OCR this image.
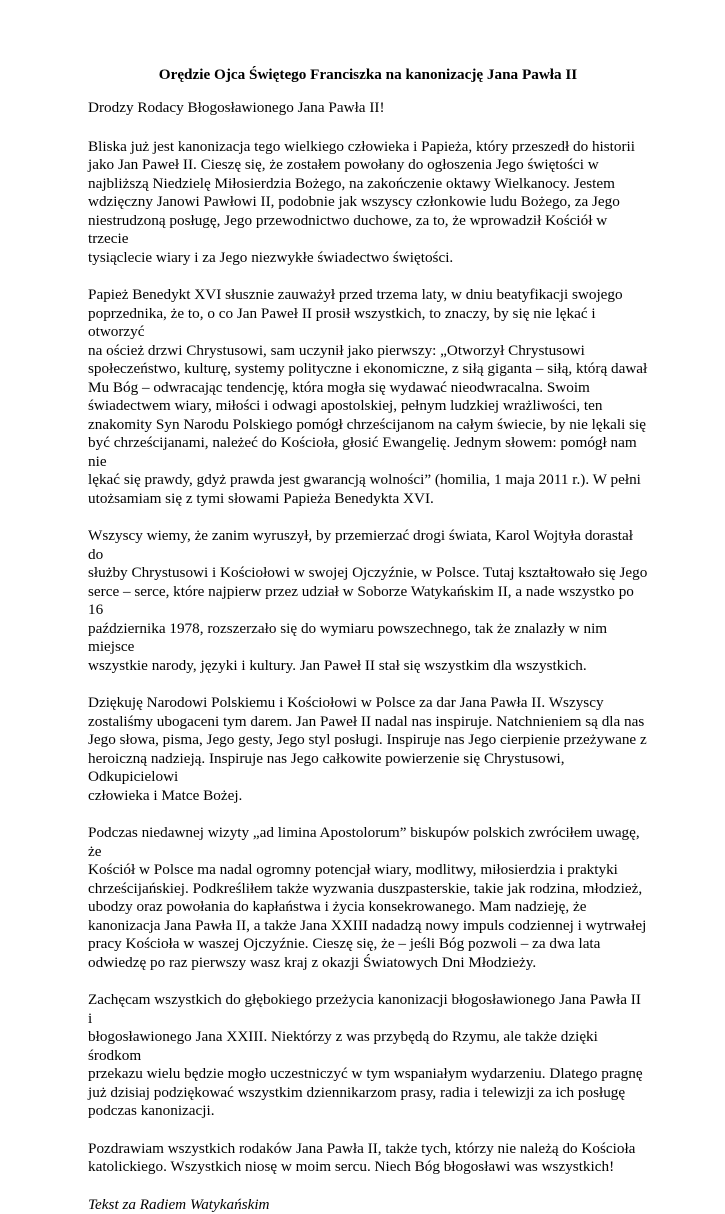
Orędzie Ojca Świętego Franciszka na kanonizację Jana Pawła II

Drodzy Rodacy Błogosławionego Jana Pawła II!

Bliska już jest kanonizacja tego wielkiego człowieka i Papieża, który przeszedł do historii
jako Jan Paweł II. Cieszę się, że zostałem powołany do ogłoszenia Jego świętości w
najbliższą Niedzielę Miłosierdzia Bożego, na zakończenie oktawy Wielkanocy. Jestem
wdzięczny Janowi Pawłowi II, podobnie jak wszyscy członkowie ludu Bożego, za Jego
niestrudzoną posługę, Jego przewodnictwo duchowe, za to, że wprowadził Kościół w trzecie
tysiąclecie wiary i za Jego niezwykłe świadectwo świętości.

Papież Benedykt XVI słusznie zauważył przed trzema laty, w dniu beatyfikacji swojego
poprzednika, że to, o co Jan Paweł II prosił wszystkich, to znaczy, by się nie lękać i otworzyć
na oścież drzwi Chrystusowi, sam uczynił jako pierwszy: „Otworzył Chrystusowi
społeczeństwo, kulturę, systemy polityczne i ekonomiczne, z siłą giganta – siłą, którą dawał
Mu Bóg – odwracając tendencję, która mogła się wydawać nieodwracalna. Swoim
świadectwem wiary, miłości i odwagi apostolskiej, pełnym ludzkiej wrażliwości, ten
znakomity Syn Narodu Polskiego pomógł chrześcijanom na całym świecie, by nie lękali się
być chrześcijanami, należeć do Kościoła, głosić Ewangelię. Jednym słowem: pomógł nam nie
lękać się prawdy, gdyż prawda jest gwarancją wolności” (homilia, 1 maja 2011 r.). W pełni
utożsamiam się z tymi słowami Papieża Benedykta XVI.

Wszyscy wiemy, że zanim wyruszył, by przemierzać drogi świata, Karol Wojtyła dorastał do
służby Chrystusowi i Kościołowi w swojej Ojczyźnie, w Polsce. Tutaj kształtowało się Jego
serce – serce, które najpierw przez udział w Soborze Watykańskim II, a nade wszystko po 16
października 1978, rozszerzało się do wymiaru powszechnego, tak że znalazły w nim miejsce
wszystkie narody, języki i kultury. Jan Paweł II stał się wszystkim dla wszystkich.

Dziękuję Narodowi Polskiemu i Kościołowi w Polsce za dar Jana Pawła II. Wszyscy
zostaliśmy ubogaceni tym darem. Jan Paweł II nadal nas inspiruje. Natchnieniem są dla nas
Jego słowa, pisma, Jego gesty, Jego styl posługi. Inspiruje nas Jego cierpienie przeżywane z
heroiczną nadzieją. Inspiruje nas Jego całkowite powierzenie się Chrystusowi, Odkupicielowi
człowieka i Matce Bożej.

Podczas niedawnej wizyty „ad limina Apostolorum” biskupów polskich zwróciłem uwagę, że
Kościół w Polsce ma nadal ogromny potencjał wiary, modlitwy, miłosierdzia i praktyki
chrześcijańskiej. Podkreśliłem także wyzwania duszpasterskie, takie jak rodzina, młodzież,
ubodzy oraz powołania do kapłaństwa i życia konsekrowanego. Mam nadzieję, że
kanonizacja Jana Pawła II, a także Jana XXIII nadadzą nowy impuls codziennej i wytrwałej
pracy Kościoła w waszej Ojczyźnie. Cieszę się, że – jeśli Bóg pozwoli – za dwa lata
odwiedzę po raz pierwszy wasz kraj z okazji Światowych Dni Młodzieży.

Zachęcam wszystkich do głębokiego przeżycia kanonizacji błogosławionego Jana Pawła II i
błogosławionego Jana XXIII. Niektórzy z was przybędą do Rzymu, ale także dzięki środkom
przekazu wielu będzie mogło uczestniczyć w tym wspaniałym wydarzeniu. Dlatego pragnę
już dzisiaj podziękować wszystkim dziennikarzom prasy, radia i telewizji za ich posługę
podczas kanonizacji.

Pozdrawiam wszystkich rodaków Jana Pawła II, także tych, którzy nie należą do Kościoła
katolickiego. Wszystkich niosę w moim sercu. Niech Bóg błogosławi was wszystkich!

Tekst za Radiem Watykańskim
